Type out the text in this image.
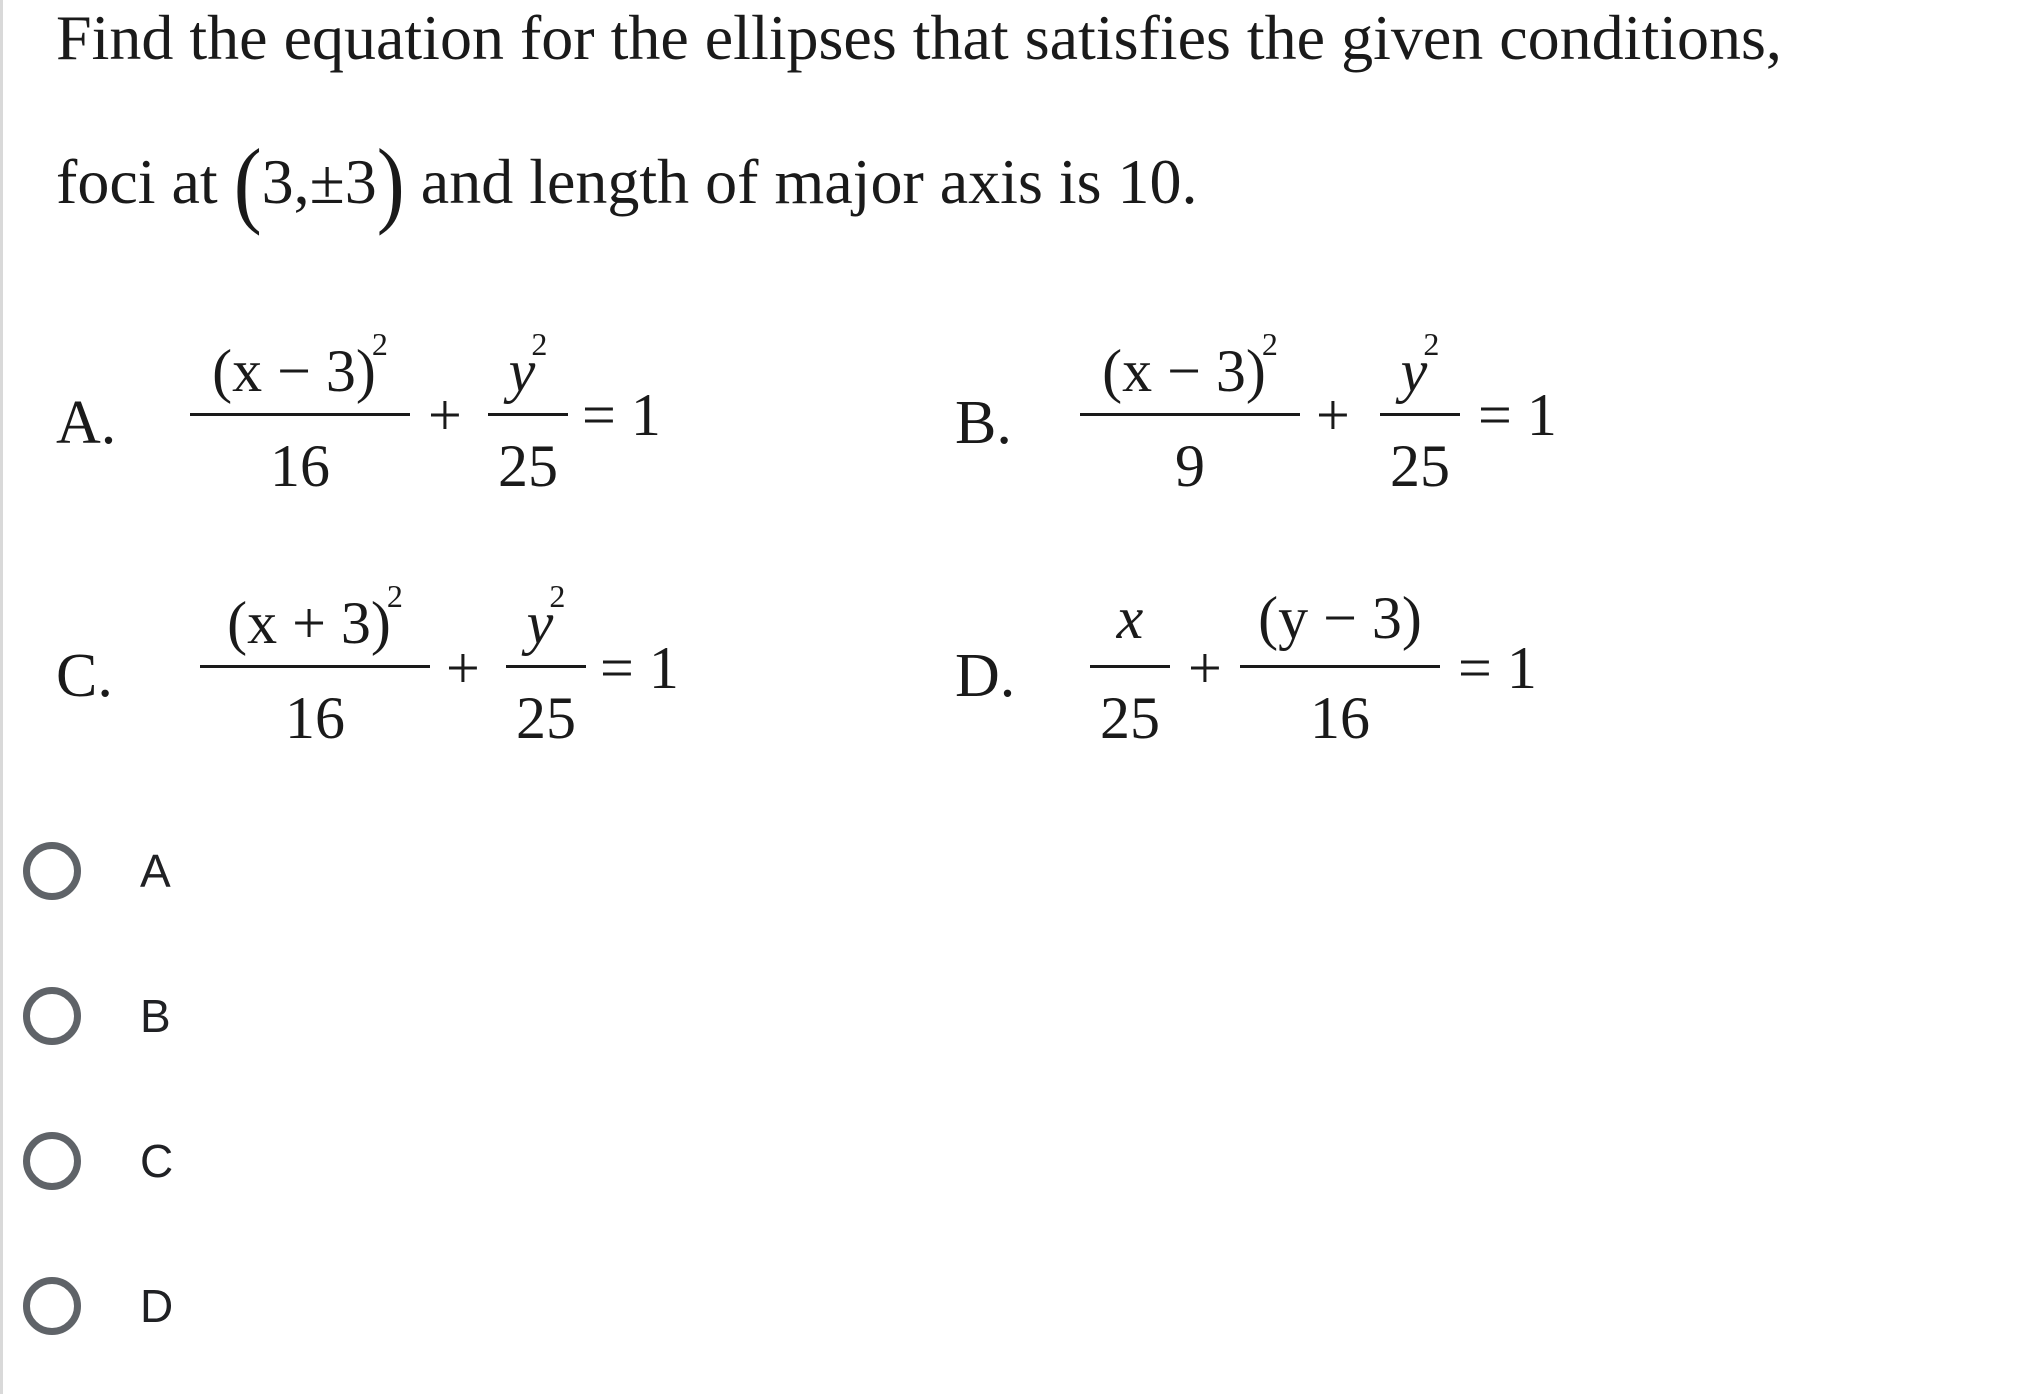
Find the equation for the ellipses that satisfies the given conditions,
foci at (3,±3) and length of major axis is 10.
A.
$(x - 3)^2$
16
+
$y^2$
25
= 1	B.
$(x - 3)^2$
9
+
$y^2$
25
= 1
C.
$(x + 3)^2$
16
+
$y^2$
25
= 1	D.
x
25
+
(y − 3)
16
= 1
A
B
C
D
